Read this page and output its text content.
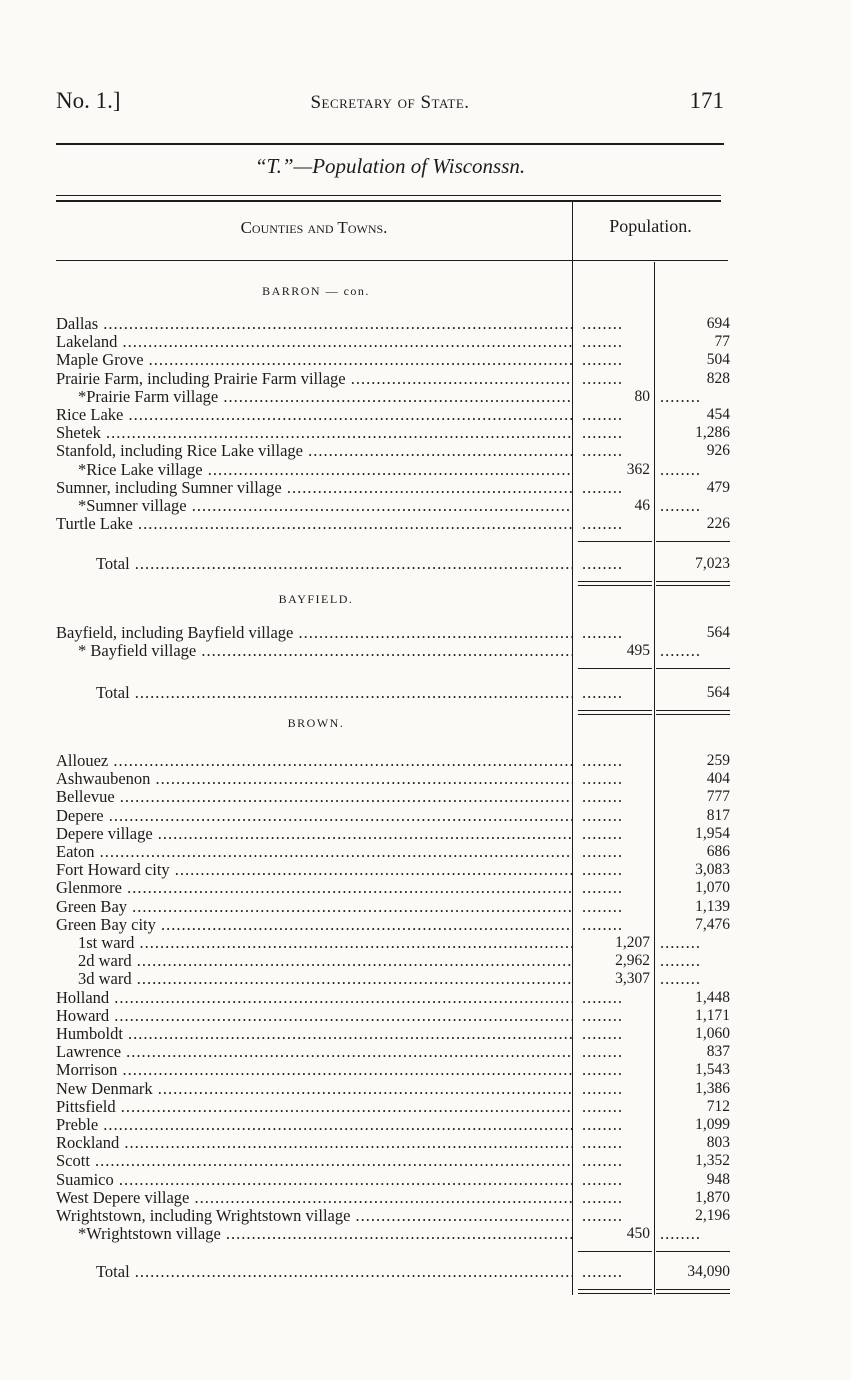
No. 1.]	Secretary of State.	171
“T.”—Population of Wisconssn.
Counties and Towns.	Population.
BARRON — con.
Dallas .....	........	694
Lakeland .....	........	77
Maple Grove .....	........	504
Prairie Farm, including Prairie Farm village .....	........	828
*Prairie Farm village .....	80 ........
Rice Lake .....	........	454
Shetek .....	........	1,286
Stanfold, including Rice Lake village .....	........	926
*Rice Lake village .....	362 ........
Sumner, including Sumner village .....	........	479
*Sumner village .....	46 ........
Turtle Lake .....	........	226
Total .....	........	7,023
BAYFIELD.
Bayfield, including Bayfield village .....	........	564
* Bayfield village .....	495 ........
Total .....	........	564
BROWN.
Allouez .....	........	259
Ashwaubenon .....	........	404
Bellevue .....	........	777
Depere .....	........	817
Depere village .....	........	1,954
Eaton .....	........	686
Fort Howard city .....	........	3,083
Glenmore .....	........	1,070
Green Bay .....	........	1,139
Green Bay city .....	........	7,476
1st ward .....	1,207 ........
2d ward .....	2,962 ........
3d ward .....	3,307 ........
Holland .....	........	1,448
Howard .....	........	1,171
Humboldt .....	........	1,060
Lawrence .....	........	837
Morrison .....	........	1,543
New Denmark .....	........	1,386
Pittsfield .....	........	712
Preble .....	........	1,099
Rockland .....	........	803
Scott .....	........	1,352
Suamico .....	........	948
West Depere village .....	........	1,870
Wrightstown, including Wrightstown village .....	........	2,196
*Wrightstown village .....	450 ........
Total .....	........	34,090
